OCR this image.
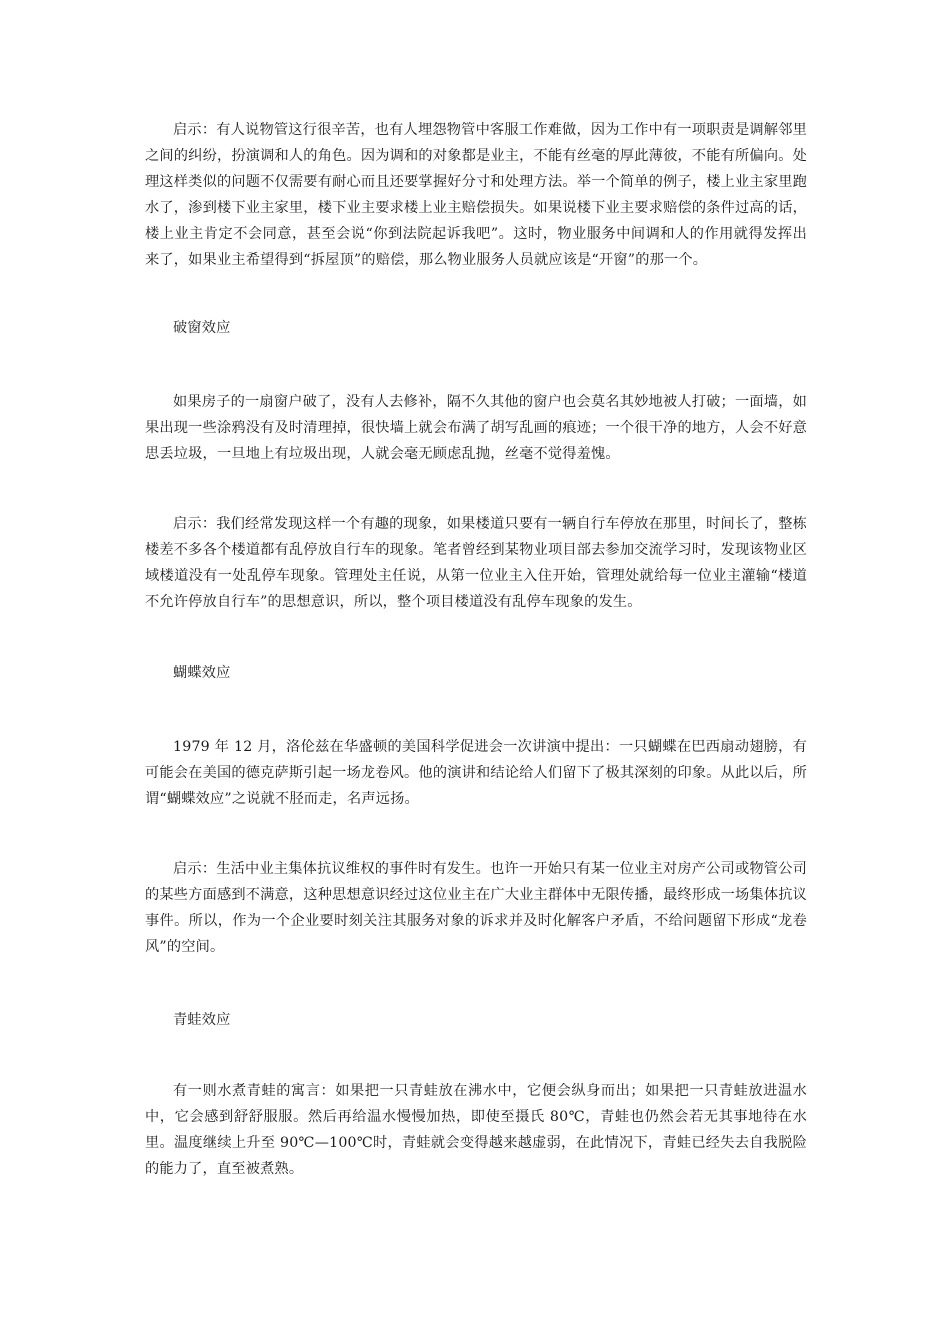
启示：有人说物管这行很辛苦，也有人埋怨物管中客服工作难做，因为工作中有一项职责是调解邻里之间的纠纷，扮演调和人的角色。因为调和的对象都是业主，不能有丝毫的厚此薄彼，不能有所偏向。处理这样类似的问题不仅需要有耐心而且还要掌握好分寸和处理方法。举一个简单的例子，楼上业主家里跑水了，渗到楼下业主家里，楼下业主要求楼上业主赔偿损失。如果说楼下业主要求赔偿的条件过高的话，楼上业主肯定不会同意，甚至会说“你到法院起诉我吧”。这时，物业服务中间调和人的作用就得发挥出来了，如果业主希望得到“拆屋顶”的赔偿，那么物业服务人员就应该是“开窗”的那一个。

破窗效应

如果房子的一扇窗户破了，没有人去修补，隔不久其他的窗户也会莫名其妙地被人打破；一面墙，如果出现一些涂鸦没有及时清理掉，很快墙上就会布满了胡写乱画的痕迹；一个很干净的地方，人会不好意思丢垃圾，一旦地上有垃圾出现，人就会毫无顾虑乱抛，丝毫不觉得羞愧。

启示：我们经常发现这样一个有趣的现象，如果楼道只要有一辆自行车停放在那里，时间长了，整栋楼差不多各个楼道都有乱停放自行车的现象。笔者曾经到某物业项目部去参加交流学习时，发现该物业区域楼道没有一处乱停车现象。管理处主任说，从第一位业主入住开始，管理处就给每一位业主灌输“楼道不允许停放自行车”的思想意识，所以，整个项目楼道没有乱停车现象的发生。

蝴蝶效应

1979 年 12 月，洛伦兹在华盛顿的美国科学促进会一次讲演中提出：一只蝴蝶在巴西扇动翅膀，有可能会在美国的德克萨斯引起一场龙卷风。他的演讲和结论给人们留下了极其深刻的印象。从此以后，所谓“蝴蝶效应”之说就不胫而走，名声远扬。

启示：生活中业主集体抗议维权的事件时有发生。也许一开始只有某一位业主对房产公司或物管公司的某些方面感到不满意，这种思想意识经过这位业主在广大业主群体中无限传播，最终形成一场集体抗议事件。所以，作为一个企业要时刻关注其服务对象的诉求并及时化解客户矛盾，不给问题留下形成“龙卷风”的空间。

青蛙效应

有一则水煮青蛙的寓言：如果把一只青蛙放在沸水中，它便会纵身而出；如果把一只青蛙放进温水中，它会感到舒舒服服。然后再给温水慢慢加热，即使至摄氏 80℃，青蛙也仍然会若无其事地待在水里。温度继续上升至 90℃—100℃时，青蛙就会变得越来越虚弱，在此情况下，青蛙已经失去自我脱险的能力了，直至被煮熟。
